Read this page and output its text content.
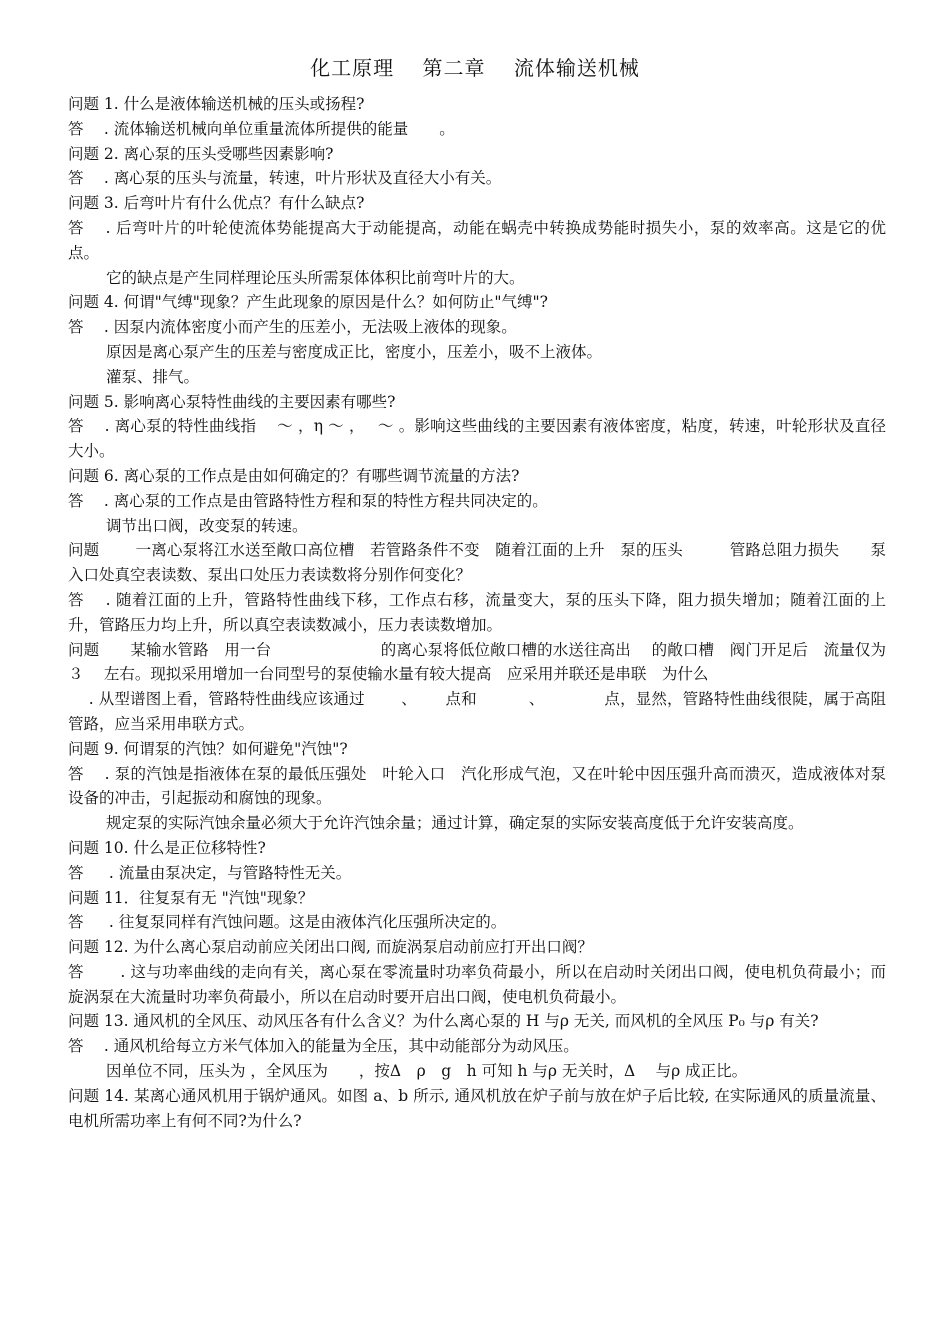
化工原理　 第二章　 流体输送机械

问题 1. 什么是液体输送机械的压头或扬程?

答 　. 流体输送机械向单位重量流体所提供的能量　　。

问题 2. 离心泵的压头受哪些因素影响?

答 　. 离心泵的压头与流量，转速，叶片形状及直径大小有关。

问题 3. 后弯叶片有什么优点？有什么缺点?

答 　. 后弯叶片的叶轮使流体势能提高大于动能提高，动能在蜗壳中转换成势能时损失小，泵的效率高。这是它的优点。

它的缺点是产生同样理论压头所需泵体体积比前弯叶片的大。

问题 4. 何谓"气缚"现象？产生此现象的原因是什么？如何防止"气缚"?

答 　. 因泵内流体密度小而产生的压差小，无法吸上液体的现象。

原因是离心泵产生的压差与密度成正比，密度小，压差小，吸不上液体。

灌泵、排气。

问题 5. 影响离心泵特性曲线的主要因素有哪些?

答 　. 离心泵的特性曲线指　 ～ ，η ～ ，　 ～ 。影响这些曲线的主要因素有液体密度，粘度，转速，叶轮形状及直径大小。

问题 6. 离心泵的工作点是由如何确定的？有哪些调节流量的方法?

答 　. 离心泵的工作点是由管路特性方程和泵的特性方程共同决定的。

调节出口阀，改变泵的转速。

问题　　 一离心泵将江水送至敞口高位槽　若管路条件不变　随着江面的上升　泵的压头　　　管路总阻力损失　　泵入口处真空表读数、泵出口处压力表读数将分别作何变化？

答 　. 随着江面的上升，管路特性曲线下移，工作点右移，流量变大，泵的压头下降，阻力损失增加；随着江面的上升，管路压力均上升，所以真空表读数减小，压力表读数增加。

问题　　某输水管路　用一台　　　　　　　的离心泵将低位敞口槽的水送往高出　 的敞口槽　阀门开足后　流量仅为　 ３　 左右。现拟采用增加一台同型号的泵使输水量有较大提高　应采用并联还是串联　为什么

　 . 从型谱图上看，管路特性曲线应该通过　　 、　　 点和　　　 、　　　　 点，显然，管路特性曲线很陡，属于高阻管路，应当采用串联方式。

问题 9. 何谓泵的汽蚀？如何避免"汽蚀"?

答 　. 泵的汽蚀是指液体在泵的最低压强处　叶轮入口　汽化形成气泡，又在叶轮中因压强升高而溃灭，造成液体对泵设备的冲击，引起振动和腐蚀的现象。

规定泵的实际汽蚀余量必须大于允许汽蚀余量；通过计算，确定泵的实际安装高度低于允许安装高度。

问题 10. 什么是正位移特性?

答 　 . 流量由泵决定，与管路特性无关。

问题 11．往复泵有无 "汽蚀"现象？

答 　 . 往复泵同样有汽蚀问题。这是由液体汽化压强所决定的。

问题 12. 为什么离心泵启动前应关闭出口阀, 而旋涡泵启动前应打开出口阀？

答 　　. 这与功率曲线的走向有关，离心泵在零流量时功率负荷最小，所以在启动时关闭出口阀，使电机负荷最小；而旋涡泵在大流量时功率负荷最小，所以在启动时要开启出口阀，使电机负荷最小。

问题 13. 通风机的全风压、动风压各有什么含义？为什么离心泵的 H 与ρ 无关, 而风机的全风压 P₀ 与ρ 有关?

答 　. 通风机给每立方米气体加入的能量为全压，其中动能部分为动风压。

因单位不同，压头为 ，全风压为　　，按Δ　ρ　g　h 可知 h 与ρ 无关时，Δ　 与ρ 成正比。

问题 14. 某离心通风机用于锅炉通风。如图 a、b 所示, 通风机放在炉子前与放在炉子后比较, 在实际通风的质量流量、电机所需功率上有何不同?为什么?
